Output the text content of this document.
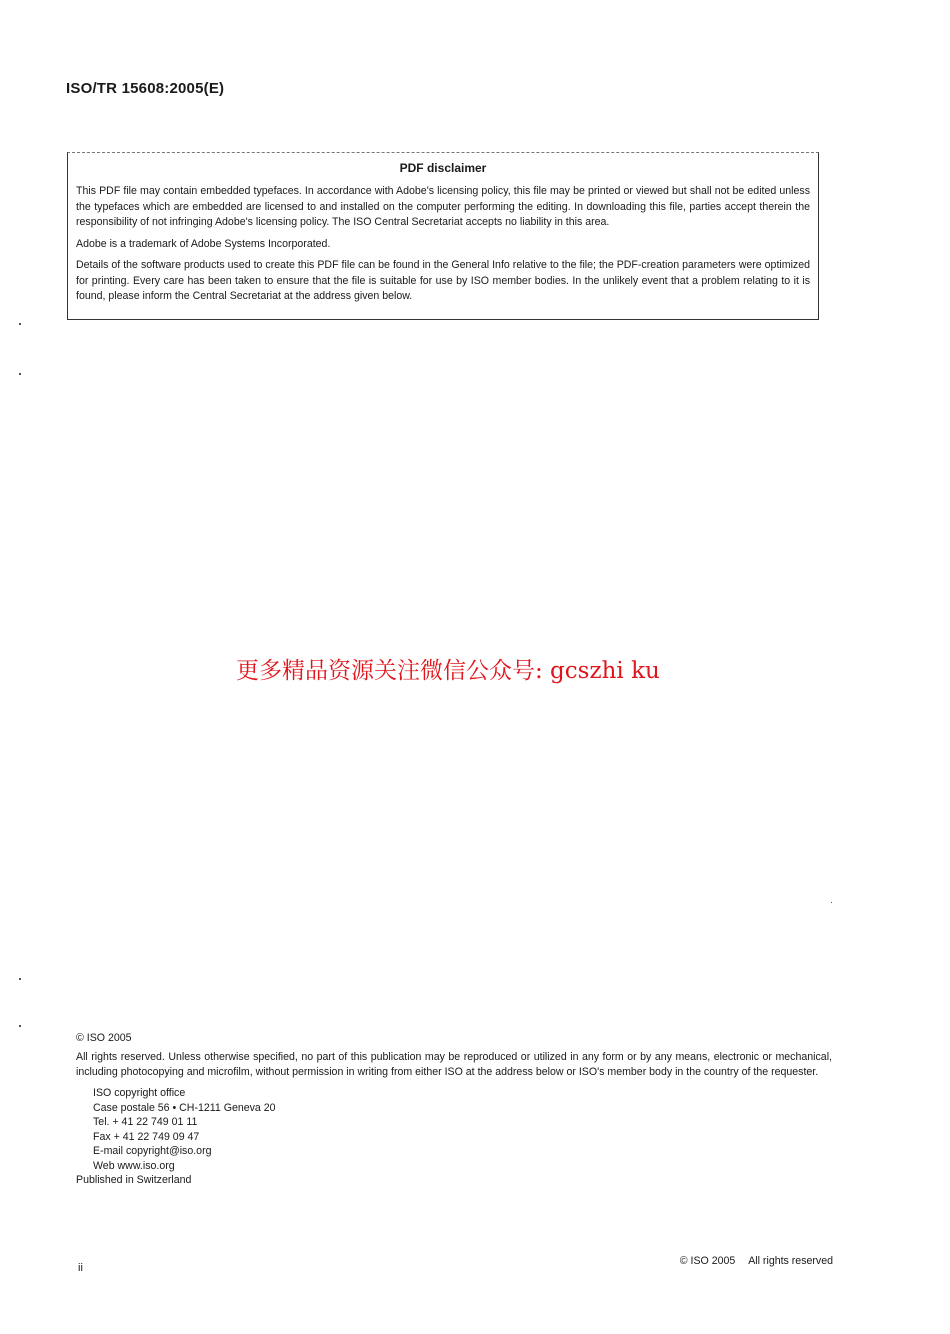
ISO/TR 15608:2005(E)
PDF disclaimer

This PDF file may contain embedded typefaces. In accordance with Adobe's licensing policy, this file may be printed or viewed but shall not be edited unless the typefaces which are embedded are licensed to and installed on the computer performing the editing. In downloading this file, parties accept therein the responsibility of not infringing Adobe's licensing policy. The ISO Central Secretariat accepts no liability in this area.

Adobe is a trademark of Adobe Systems Incorporated.

Details of the software products used to create this PDF file can be found in the General Info relative to the file; the PDF-creation parameters were optimized for printing. Every care has been taken to ensure that the file is suitable for use by ISO member bodies. In the unlikely event that a problem relating to it is found, please inform the Central Secretariat at the address given below.

更多精品资源关注微信公众号: gcszhi ku

© ISO 2005

All rights reserved. Unless otherwise specified, no part of this publication may be reproduced or utilized in any form or by any means, electronic or mechanical, including photocopying and microfilm, without permission in writing from either ISO at the address below or ISO's member body in the country of the requester.

ISO copyright office
Case postale 56 • CH-1211 Geneva 20
Tel. + 41 22 749 01 11
Fax + 41 22 749 09 47
E-mail copyright@iso.org
Web www.iso.org

Published in Switzerland

ii
© ISO 2005 All rights reserved
